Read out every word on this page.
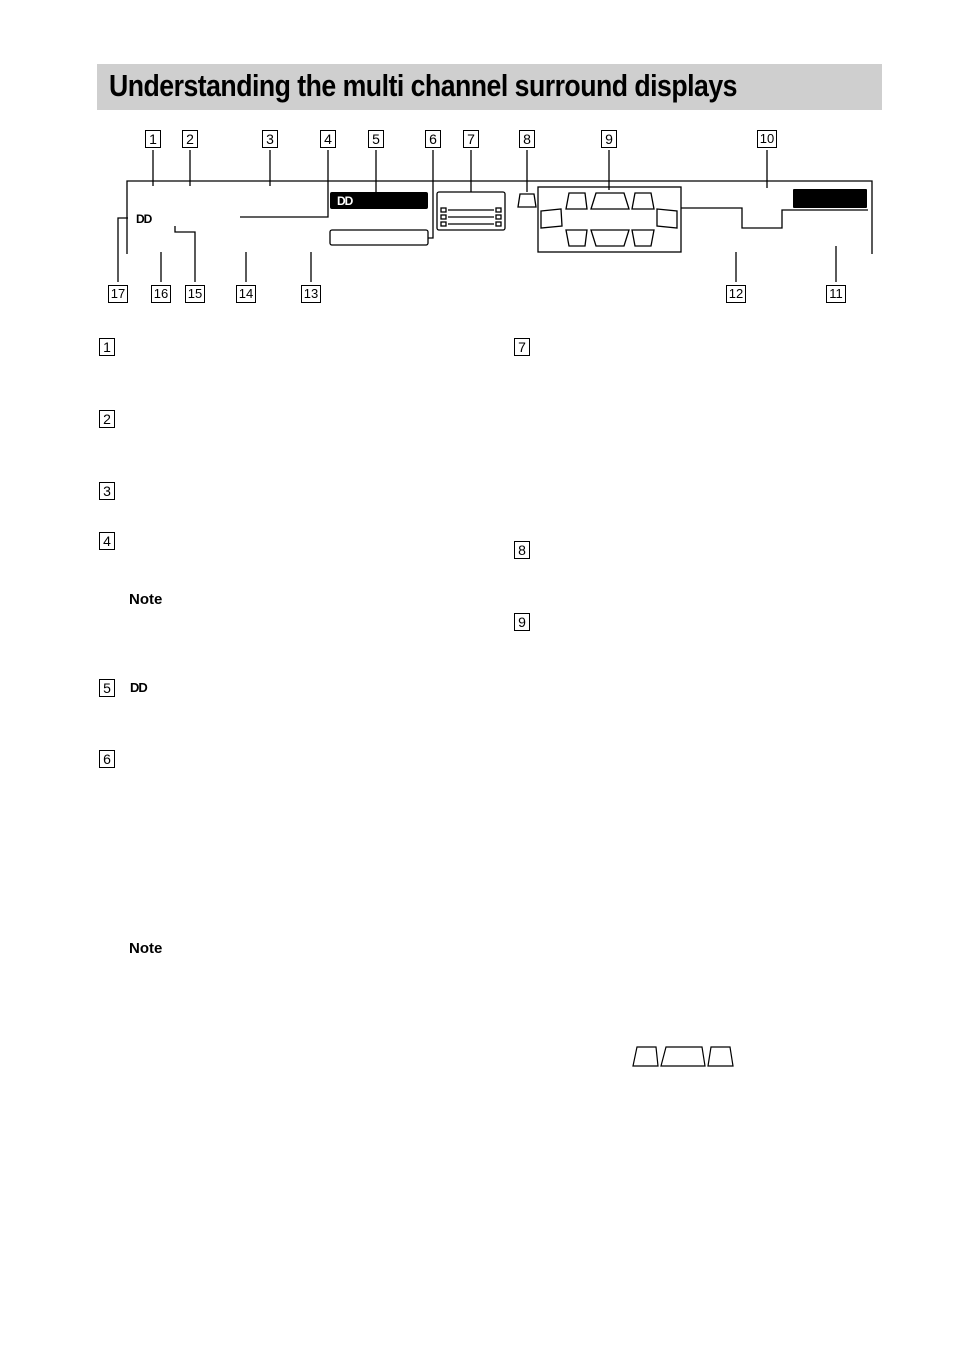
Understanding the multi channel surround displays
DD
DD
1 2	3	4	5	6 7	8	9	10
17 16 15	14	13	12	11
1
2
3
4
Note
5	DD
6
Note
7
8
9
